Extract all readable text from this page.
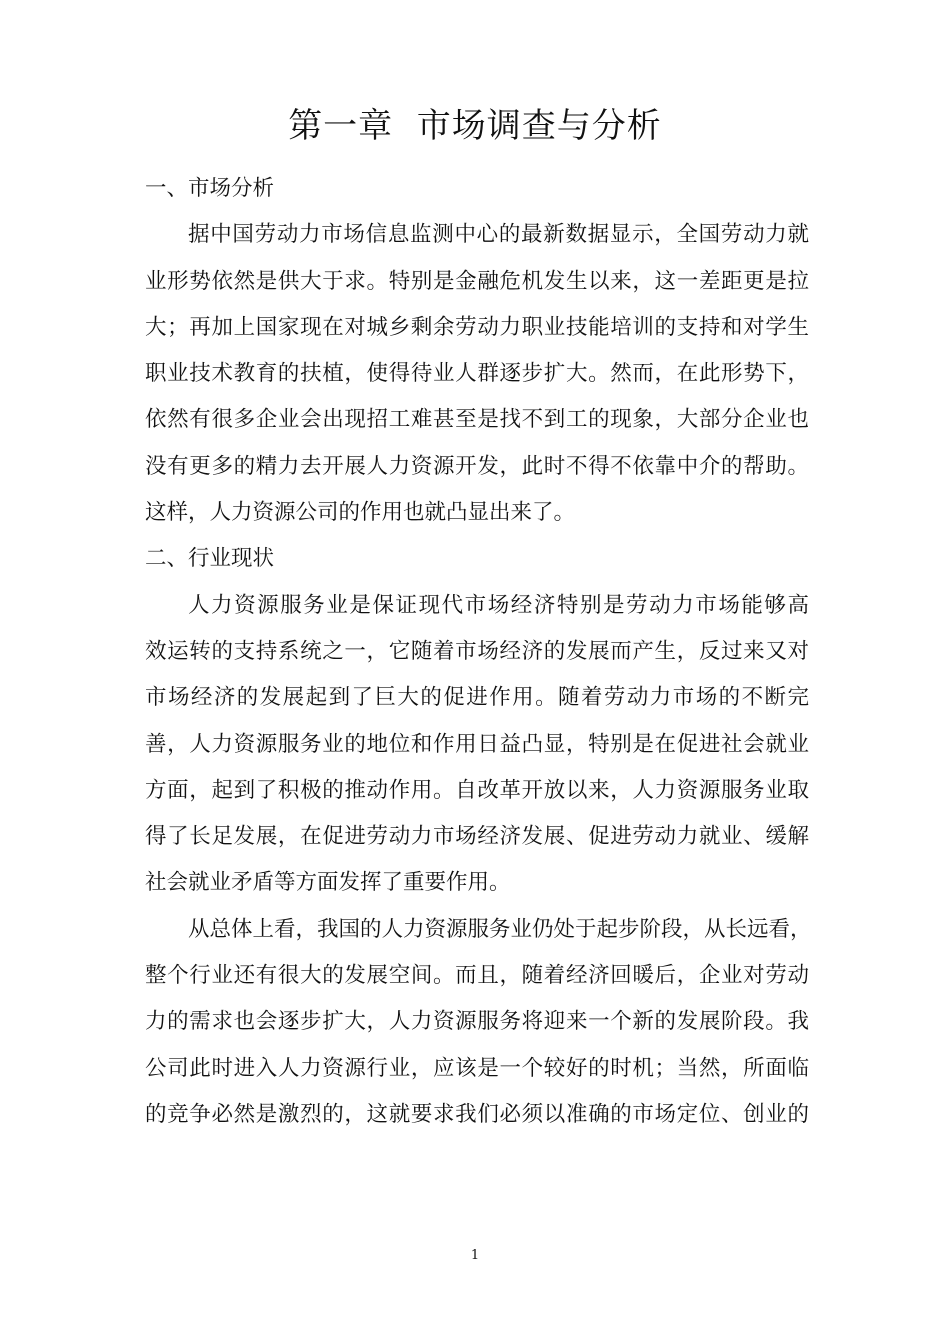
第一章  市场调查与分析
一、市场分析
据中国劳动力市场信息监测中心的最新数据显示，全国劳动力就
业形势依然是供大于求。特别是金融危机发生以来，这一差距更是拉
大；再加上国家现在对城乡剩余劳动力职业技能培训的支持和对学生
职业技术教育的扶植，使得待业人群逐步扩大。然而，在此形势下，
依然有很多企业会出现招工难甚至是找不到工的现象，大部分企业也
没有更多的精力去开展人力资源开发，此时不得不依靠中介的帮助。
这样，人力资源公司的作用也就凸显出来了。
二、行业现状
人力资源服务业是保证现代市场经济特别是劳动力市场能够高
效运转的支持系统之一，它随着市场经济的发展而产生，反过来又对
市场经济的发展起到了巨大的促进作用。随着劳动力市场的不断完
善，人力资源服务业的地位和作用日益凸显，特别是在促进社会就业
方面，起到了积极的推动作用。自改革开放以来，人力资源服务业取
得了长足发展，在促进劳动力市场经济发展、促进劳动力就业、缓解
社会就业矛盾等方面发挥了重要作用。
从总体上看，我国的人力资源服务业仍处于起步阶段，从长远看，
整个行业还有很大的发展空间。而且，随着经济回暖后，企业对劳动
力的需求也会逐步扩大，人力资源服务将迎来一个新的发展阶段。我
公司此时进入人力资源行业，应该是一个较好的时机；当然，所面临
的竞争必然是激烈的，这就要求我们必须以准确的市场定位、创业的
1
